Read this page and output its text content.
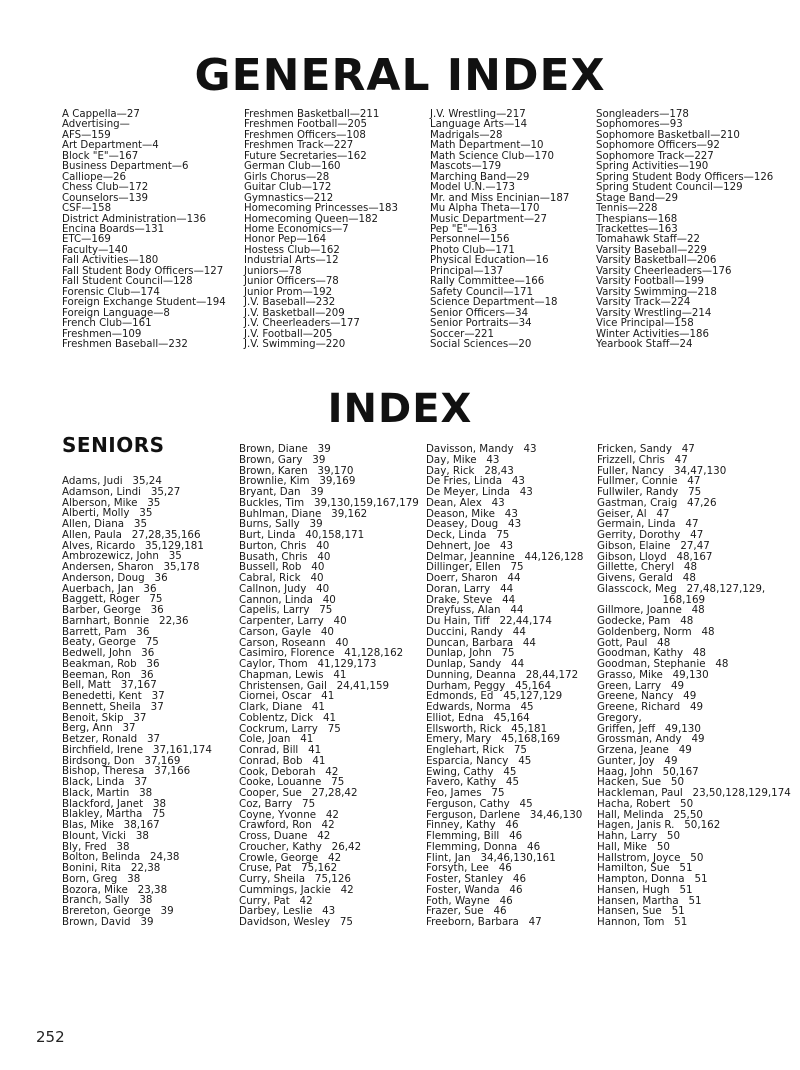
GENERAL INDEX
A Cappella—27
Advertising—
AFS—159
Art Department—4
Block "E"—167
Business Department—6
Calliope—26
Chess Club—172
Counselors—139
CSF—158
District Administration—136
Encina Boards—131
ETC—169
Faculty—140
Fall Activities—180
Fall Student Body Officers—127
Fall Student Council—128
Forensic Club—174
Foreign Exchange Student—194
Foreign Language—8
French Club—161
Freshmen—109
Freshmen Baseball—232
Freshmen Basketball—211
Freshmen Football—205
Freshmen Officers—108
Freshmen Track—227
Future Secretaries—162
German Club—160
Girls Chorus—28
Guitar Club—172
Gymnastics—212
Homecoming Princesses—183
Homecoming Queen—182
Home Economics—7
Honor Pep—164
Hostess Club—162
Industrial Arts—12
Juniors—78
Junior Officers—78
Junior Prom—192
J.V. Baseball—232
J.V. Basketball—209
J.V. Cheerleaders—177
J.V. Football—205
J.V. Swimming—220
J.V. Wrestling—217
Language Arts—14
Madrigals—28
Math Department—10
Math Science Club—170
Mascots—179
Marching Band—29
Model U.N.—173
Mr. and Miss Encinian—187
Mu Alpha Theta—170
Music Department—27
Pep "E"—163
Personnel—156
Photo Club—171
Physical Education—16
Principal—137
Rally Committee—166
Safety Council—171
Science Department—18
Senior Officers—34
Senior Portraits—34
Soccer—221
Social Sciences—20
Songleaders—178
Sophomores—93
Sophomore Basketball—210
Sophomore Officers—92
Sophomore Track—227
Spring Activities—190
Spring Student Body Officers—126
Spring Student Council—129
Stage Band—29
Tennis—228
Thespians—168
Trackettes—163
Tomahawk Staff—22
Varsity Baseball—229
Varsity Basketball—206
Varsity Cheerleaders—176
Varsity Football—199
Varsity Swimming—218
Varsity Track—224
Varsity Wrestling—214
Vice Principal—158
Winter Activities—186
Yearbook Staff—24
INDEX
SENIORS
Adams, Judi   35,24
Adamson, Lindi   35,27
Alberson, Mike   35
Alberti, Molly   35
Allen, Diana   35
Allen, Paula   27,28,35,166
Alves, Ricardo   35,129,181
Ambrozewicz, John   35
Andersen, Sharon   35,178
Anderson, Doug   36
Auerbach, Jan   36
Baggett, Roger   75
Barber, George   36
Barnhart, Bonnie   22,36
Barrett, Pam   36
Beaty, George   75
Bedwell, John   36
Beakman, Rob   36
Beeman, Ron   36
Bell, Matt   37,167
Benedetti, Kent   37
Bennett, Sheila   37
Benoit, Skip   37
Berg, Ann   37
Betzer, Ronald   37
Birchfield, Irene   37,161,174
Birdsong, Don   37,169
Bishop, Theresa   37,166
Black, Linda   37
Black, Martin   38
Blackford, Janet   38
Blakley, Martha   75
Blas, Mike   38,167
Blount, Vicki   38
Bly, Fred   38
Bolton, Belinda   24,38
Bonini, Rita   22,38
Born, Greg   38
Bozora, Mike   23,38
Branch, Sally   38
Brereton, George   39
Brown, David   39
Brown, Diane   39
Brown, Gary   39
Brown, Karen   39,170
Brownlie, Kim   39,169
Bryant, Dan   39
Buckles, Tim   39,130,159,167,179
Buhlman, Diane   39,162
Burns, Sally   39
Burt, Linda   40,158,171
Burton, Chris   40
Busath, Chris   40
Bussell, Rob   40
Cabral, Rick   40
Callnon, Judy   40
Cannon, Linda   40
Capelis, Larry   75
Carpenter, Larry   40
Carson, Gayle   40
Carson, Roseann   40
Casimiro, Florence   41,128,162
Caylor, Thom   41,129,173
Chapman, Lewis   41
Christensen, Gail   24,41,159
Ciornei, Oscar   41
Clark, Diane   41
Coblentz, Dick   41
Cockrum, Larry   75
Cole, Joan   41
Conrad, Bill   41
Conrad, Bob   41
Cook, Deborah   42
Cooke, Louanne   75
Cooper, Sue   27,28,42
Coz, Barry   75
Coyne, Yvonne   42
Crawford, Ron   42
Cross, Duane   42
Croucher, Kathy   26,42
Crowle, George   42
Cruse, Pat   75,162
Curry, Sheila   75,126
Cummings, Jackie   42
Curry, Pat   42
Darbey, Leslie   43
Davidson, Wesley   75
Davisson, Mandy   43
Day, Mike   43
Day, Rick   28,43
De Fries, Linda   43
De Meyer, Linda   43
Dean, Alex   43
Deason, Mike   43
Deasey, Doug   43
Deck, Linda   75
Dehnert, Joe   43
Delmar, Jeannine   44,126,128
Dillinger, Ellen   75
Doerr, Sharon   44
Doran, Larry   44
Drake, Steve   44
Dreyfuss, Alan   44
Du Hain, Tiff   22,44,174
Duccini, Randy   44
Duncan, Barbara   44
Dunlap, John   75
Dunlap, Sandy   44
Dunning, Deanna   28,44,172
Durham, Peggy   45,164
Edmonds, Ed   45,127,129
Edwards, Norma   45
Elliot, Edna   45,164
Ellsworth, Rick   45,181
Emery, Mary   45,168,169
Englehart, Rick   75
Esparcia, Nancy   45
Ewing, Cathy   45
Favero, Kathy   45
Feo, James   75
Ferguson, Cathy   45
Ferguson, Darlene   34,46,130
Finney, Kathy   46
Flemming, Bill   46
Flemming, Donna   46
Flint, Jan   34,46,130,161
Forsyth, Lee   46
Foster, Stanley   46
Foster, Wanda   46
Foth, Wayne   46
Frazer, Sue   46
Freeborn, Barbara   47
Fricken, Sandy   47
Frizzell, Chris   47
Fuller, Nancy   34,47,130
Fullmer, Connie   47
Fullwiler, Randy   75
Gastman, Craig   47,26
Geiser, Al   47
Germain, Linda   47
Gerrity, Dorothy   47
Gibson, Elaine   27,47
Gibson, Lloyd   48,167
Gillette, Cheryl   48
Givens, Gerald   48
Glasscock, Meg   27,48,127,129,
168,169
Gillmore, Joanne   48
Godecke, Pam   48
Goldenberg, Norm   48
Gott, Paul   48
Goodman, Kathy   48
Goodman, Stephanie   48
Grasso, Mike   49,130
Green, Larry   49
Greene, Nancy   49
Greene, Richard   49
Gregory,
Griffen, Jeff   49,130
Grossman, Andy   49
Grzena, Jeane   49
Gunter, Joy   49
Haag, John   50,167
Hacken, Sue   50
Hackleman, Paul   23,50,128,129,174
Hacha, Robert   50
Hall, Melinda   25,50
Hagen, Janis R.   50,162
Hahn, Larry   50
Hall, Mike   50
Hallstrom, Joyce   50
Hamilton, Sue   51
Hampton, Donna   51
Hansen, Hugh   51
Hansen, Martha   51
Hansen, Sue   51
Hannon, Tom   51
252
